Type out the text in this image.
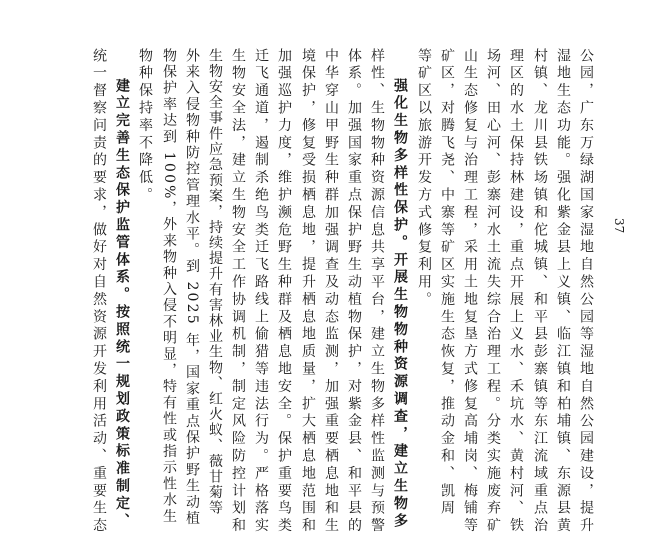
公园，广东万绿湖国家湿地自然公园等湿地自然公园建设，提升
湿地生态功能。强化紫金县上义镇、临江镇和柏埔镇、东源县黄
村镇、龙川县铁场镇和佗城镇、和平县彭寨镇等东江流域重点治
理区的水土保持林建设，重点开展上义水、禾坑水、黄村河、铁
场河、田心河、彭寨河水土流失综合治理工程。分类实施废弃矿
山生态修复与治理工程，采用土地复垦方式修复高埔岗、梅铺等
矿区，对腾飞尧、中寨等矿区实施生态恢复，推动金和、凯周
等矿区以旅游开发方式修复利用。
强化生物多样性保护。开展生物物种资源调查，建立生物多
样性、生物物种资源信息共享平台，建立生物多样性监测与预警
体系。加强国家重点保护野生动植物保护，对紫金县、和平县的
中华穿山甲野生种群加强调查及动态监测，加强重要栖息地和生
境保护，修复受损栖息地，提升栖息地质量，扩大栖息地范围和
加强巡护力度，维护濒危野生种群及栖息地安全。保护重要鸟类
迁飞通道，遏制杀绝鸟类迁飞路线上偷猎等违法行为。严格落实
生物安全法，建立生物安全工作协调机制，制定风险防控计划和
生物安全事件应急预案，持续提升有害林业生物、红火蚁、薇甘菊等
外来入侵物种防控管理水平。到 2025 年，国家重点保护野生动植
物保护率达到 100%，外来物种入侵不明显，特有性或指示性水生
物种保持率不降低。
建立完善生态保护监管体系。按照统一规划政策标准制定、
统一督察问责的要求，做好对自然资源开发利用活动、重要生态	37
